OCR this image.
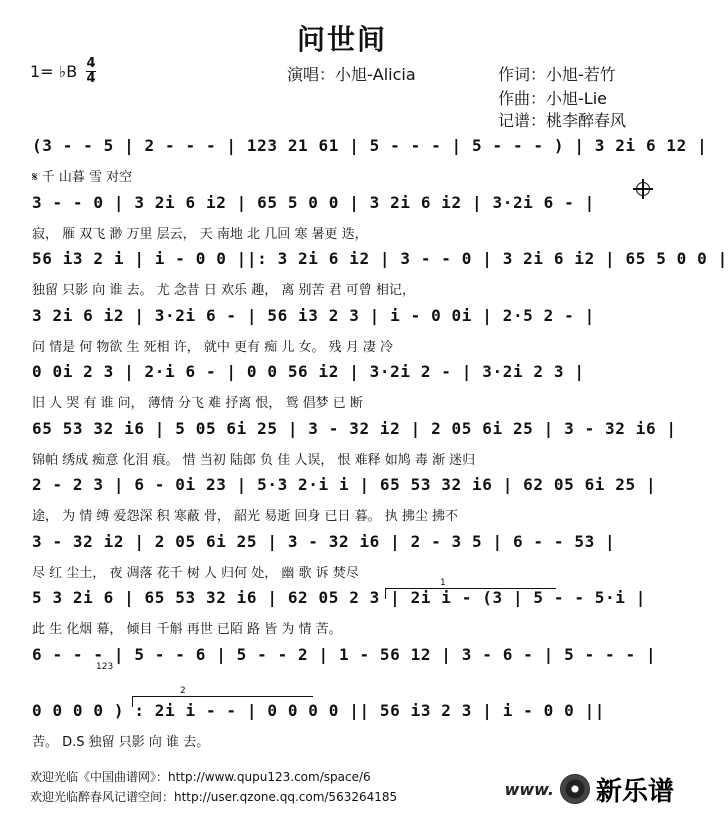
问世间
1= ♭B 4
4	演唱：小旭-Alicia	作词：小旭-若竹
作曲：小旭-Lie
记谱：桃李醉春风
(3 - - 5 | 2 - - - | 123 21 61 | 5 - - - | 5 - - - ) | 3 2i 6 12 |
𝄋 千 山暮 雪 对空
3 - - 0 | 3 2i 6 i2 | 65 5 0 0 | 3 2i 6 i2 | 3·2i 6 - |
寂， 雁 双飞 渺 万里 层云， 天 南地 北 几回 寒 暑更 迭，
56 i3 2 i | i - 0 0 ||: 3 2i 6 i2 | 3 - - 0 | 3 2i 6 i2 | 65 5 0 0 |
独留 只影 向 谁 去。 尤 念昔 日 欢乐 趣， 离 别苦 君 可曾 相记，
3 2i 6 i2 | 3·2i 6 - | 56 i3 2 3 | i - 0 0i | 2·5 2 - |
问 情是 何 物欲 生 死相 许， 就中 更有 痴 儿 女。 残 月 凄 冷
0 0i 2 3 | 2·i 6 - | 0 0 56 i2 | 3·2i 2 - | 3·2i 2 3 |
旧 人 哭 有 谁 问， 薄情 分飞 难 抒离 恨， 鸳 倡梦 已 断
65 53 32 i6 | 5 05 6i 25 | 3 - 32 i2 | 2 05 6i 25 | 3 - 32 i6 |
锦帕 绣成 痴意 化泪 痕。 惜 当初 陆郎 负 佳 人误， 恨 难释 如鸠 毒 渐 迷归
2 - 2 3 | 6 - 0i 23 | 5·3 2·i i | 65 53 32 i6 | 62 05 6i 25 |
途， 为 情 缚 爱怨深 积 寒蔽 骨， 韶光 易逝 回身 已日 暮。 执 拂尘 拂不
3 - 32 i2 | 2 05 6i 25 | 3 - 32 i6 | 2 - 3 5 | 6 - - 53 |
尽 红 尘土， 夜 凋落 花千 树 人 归何 处， 幽 歌 诉 焚尽
5 3 2i 6 | 65 53 32 i6 | 62 05 2 3 | 2i i - (3 | 5 - - 5·i |
此 生 化烟 幕， 倾目 千斛 再世 已陌 路 皆 为 情 苦。
6 - - - | 5 - - 6 | 5 - - 2 | 1 - 56 12 | 3 - 6 - | 5 - - - |
0 0 0 0 ) : 2i i - - | 0 0 0 0 || 56 i3 2 3 | i - 0 0 ||
苦。 D.S 独留 只影 向 谁 去。
1
2
123
欢迎光临《中国曲谱网》：http://www.qupu123.com/space/6
欢迎光临醉春风记谱空间：http://user.qzone.qq.com/563264185	www. 新乐谱
